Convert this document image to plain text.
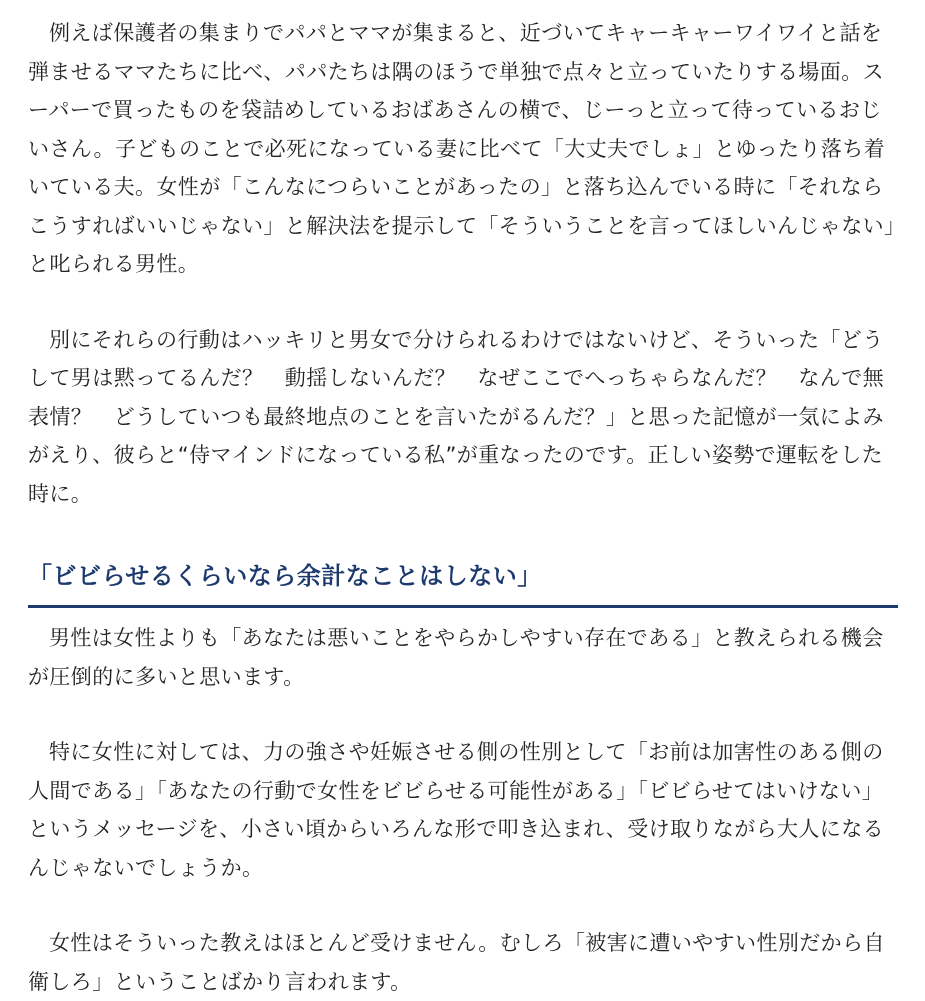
例えば保護者の集まりでパパとママが集まると、近づいてキャーキャーワイワイと話を弾ませるママたちに比べ、パパたちは隅のほうで単独で点々と立っていたりする場面。スーパーで買ったものを袋詰めしているおばあさんの横で、じーっと立って待っているおじいさん。子どものことで必死になっている妻に比べて「大丈夫でしょ」とゆったり落ち着いている夫。女性が「こんなにつらいことがあったの」と落ち込んでいる時に「それならこうすればいいじゃない」と解決法を提示して「そういうことを言ってほしいんじゃない」と叱られる男性。

別にそれらの行動はハッキリと男女で分けられるわけではないけど、そういった「どうして男は黙ってるんだ？　動揺しないんだ？　なぜここでへっちゃらなんだ？　なんで無表情？　どうしていつも最終地点のことを言いたがるんだ？」と思った記憶が一気によみがえり、彼らと“侍マインドになっている私”が重なったのです。正しい姿勢で運転をした時に。

「ビビらせるくらいなら余計なことはしない」

男性は女性よりも「あなたは悪いことをやらかしやすい存在である」と教えられる機会が圧倒的に多いと思います。

特に女性に対しては、力の強さや妊娠させる側の性別として「お前は加害性のある側の人間である」「あなたの行動で女性をビビらせる可能性がある」「ビビらせてはいけない」というメッセージを、小さい頃からいろんな形で叩き込まれ、受け取りながら大人になるんじゃないでしょうか。

女性はそういった教えはほとんど受けません。むしろ「被害に遭いやすい性別だから自衛しろ」ということばかり言われます。
